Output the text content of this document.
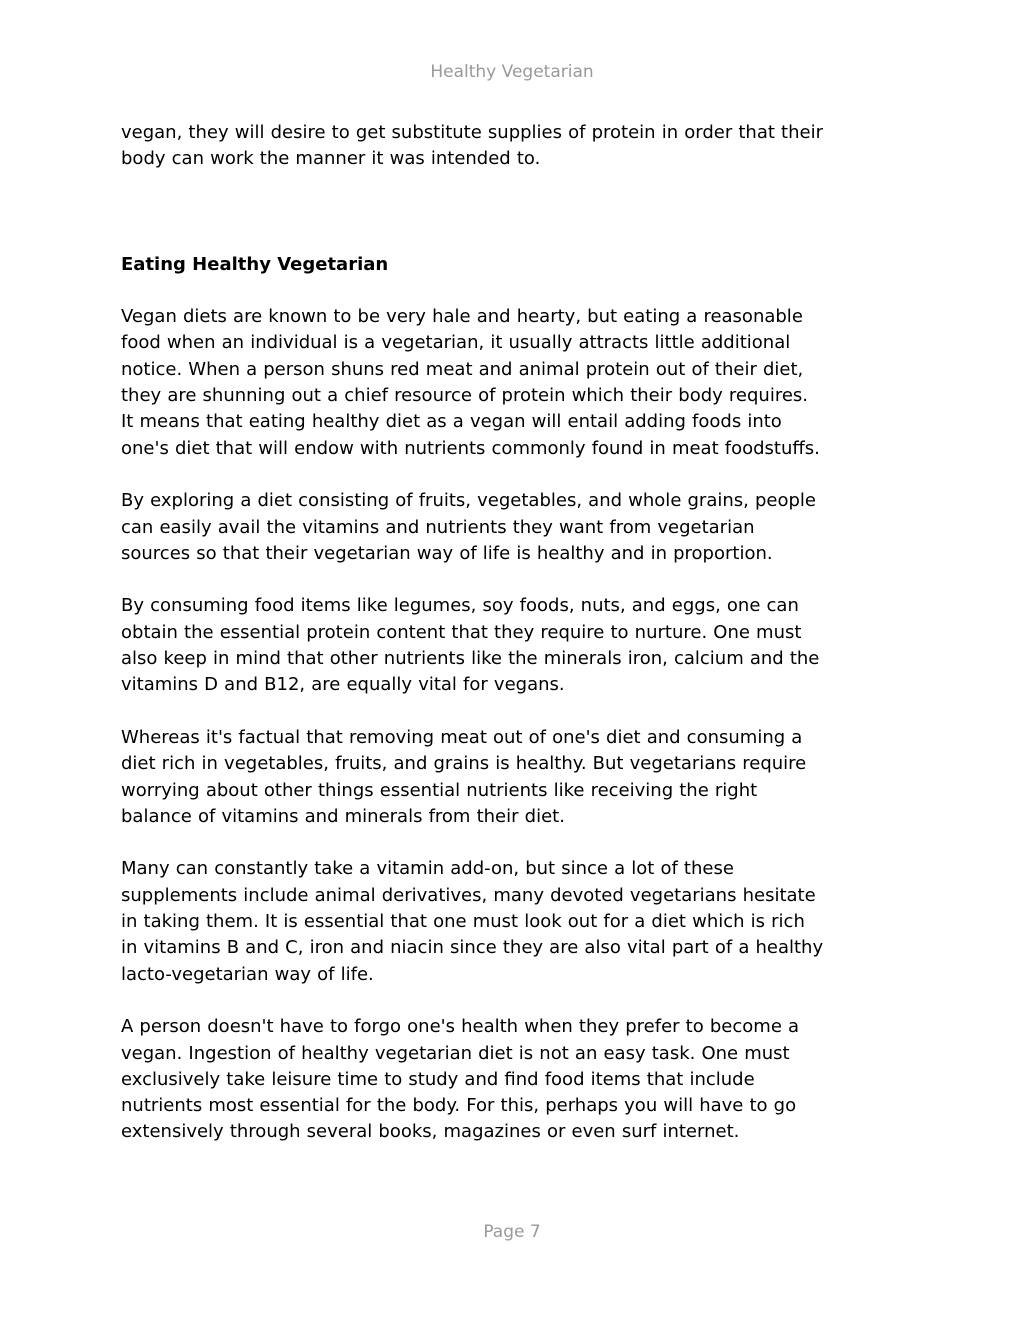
Healthy Vegetarian

vegan, they will desire to get substitute supplies of protein in order that their
body can work the manner it was intended to.

Eating Healthy Vegetarian

Vegan diets are known to be very hale and hearty, but eating a reasonable
food when an individual is a vegetarian, it usually attracts little additional
notice. When a person shuns red meat and animal protein out of their diet,
they are shunning out a chief resource of protein which their body requires.
It means that eating healthy diet as a vegan will entail adding foods into
one's diet that will endow with nutrients commonly found in meat foodstuffs.

By exploring a diet consisting of fruits, vegetables, and whole grains, people
can easily avail the vitamins and nutrients they want from vegetarian
sources so that their vegetarian way of life is healthy and in proportion.

By consuming food items like legumes, soy foods, nuts, and eggs, one can
obtain the essential protein content that they require to nurture. One must
also keep in mind that other nutrients like the minerals iron, calcium and the
vitamins D and B12, are equally vital for vegans.

Whereas it's factual that removing meat out of one's diet and consuming a
diet rich in vegetables, fruits, and grains is healthy. But vegetarians require
worrying about other things essential nutrients like receiving the right
balance of vitamins and minerals from their diet.

Many can constantly take a vitamin add-on, but since a lot of these
supplements include animal derivatives, many devoted vegetarians hesitate
in taking them. It is essential that one must look out for a diet which is rich
in vitamins B and C, iron and niacin since they are also vital part of a healthy
lacto-vegetarian way of life.

A person doesn't have to forgo one's health when they prefer to become a
vegan. Ingestion of healthy vegetarian diet is not an easy task. One must
exclusively take leisure time to study and find food items that include
nutrients most essential for the body. For this, perhaps you will have to go
extensively through several books, magazines or even surf internet.

Page 7
